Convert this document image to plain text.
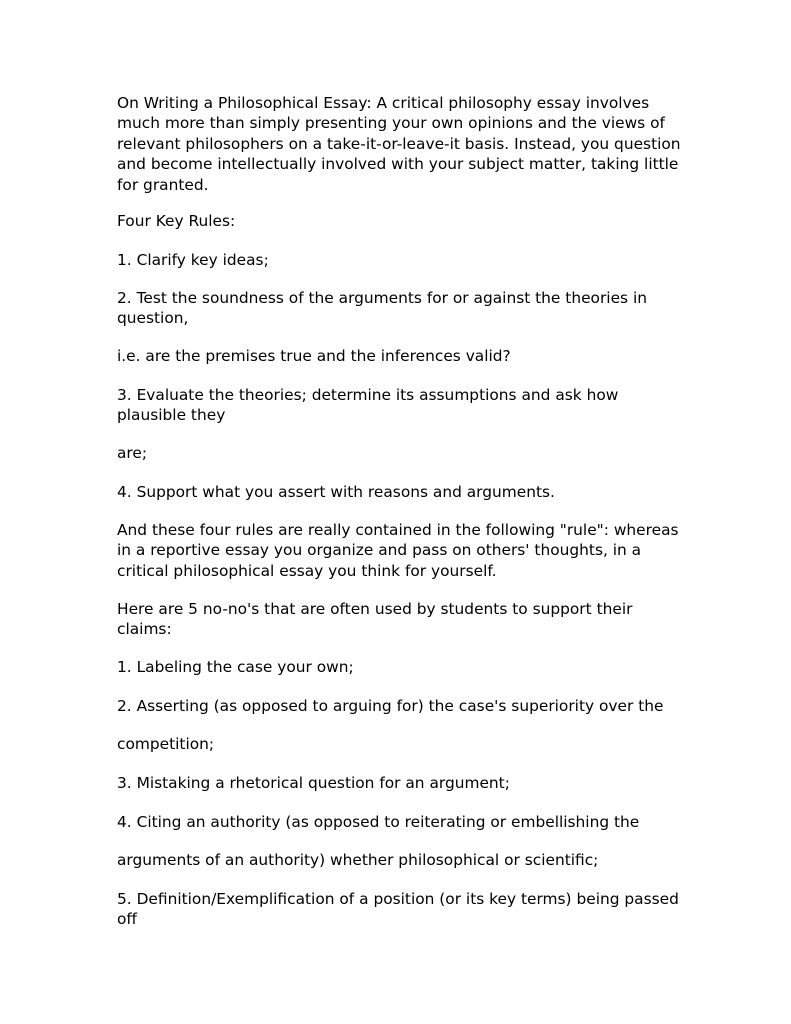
On Writing a Philosophical Essay: A critical philosophy essay involves much more than simply presenting your own opinions and the views of relevant philosophers on a take-it-or-leave-it basis. Instead, you question and become intellectually involved with your subject matter, taking little for granted.

Four Key Rules:

1. Clarify key ideas;

2. Test the soundness of the arguments for or against the theories in question,

i.e. are the premises true and the inferences valid?

3. Evaluate the theories; determine its assumptions and ask how plausible they

are;

4. Support what you assert with reasons and arguments.

And these four rules are really contained in the following "rule": whereas in a reportive essay you organize and pass on others' thoughts, in a critical philosophical essay you think for yourself.

Here are 5 no-no's that are often used by students to support their claims:

1. Labeling the case your own;

2. Asserting (as opposed to arguing for) the case's superiority over the

competition;

3. Mistaking a rhetorical question for an argument;

4. Citing an authority (as opposed to reiterating or embellishing the

arguments of an authority) whether philosophical or scientific;

5. Definition/Exemplification of a position (or its key terms) being passed off
